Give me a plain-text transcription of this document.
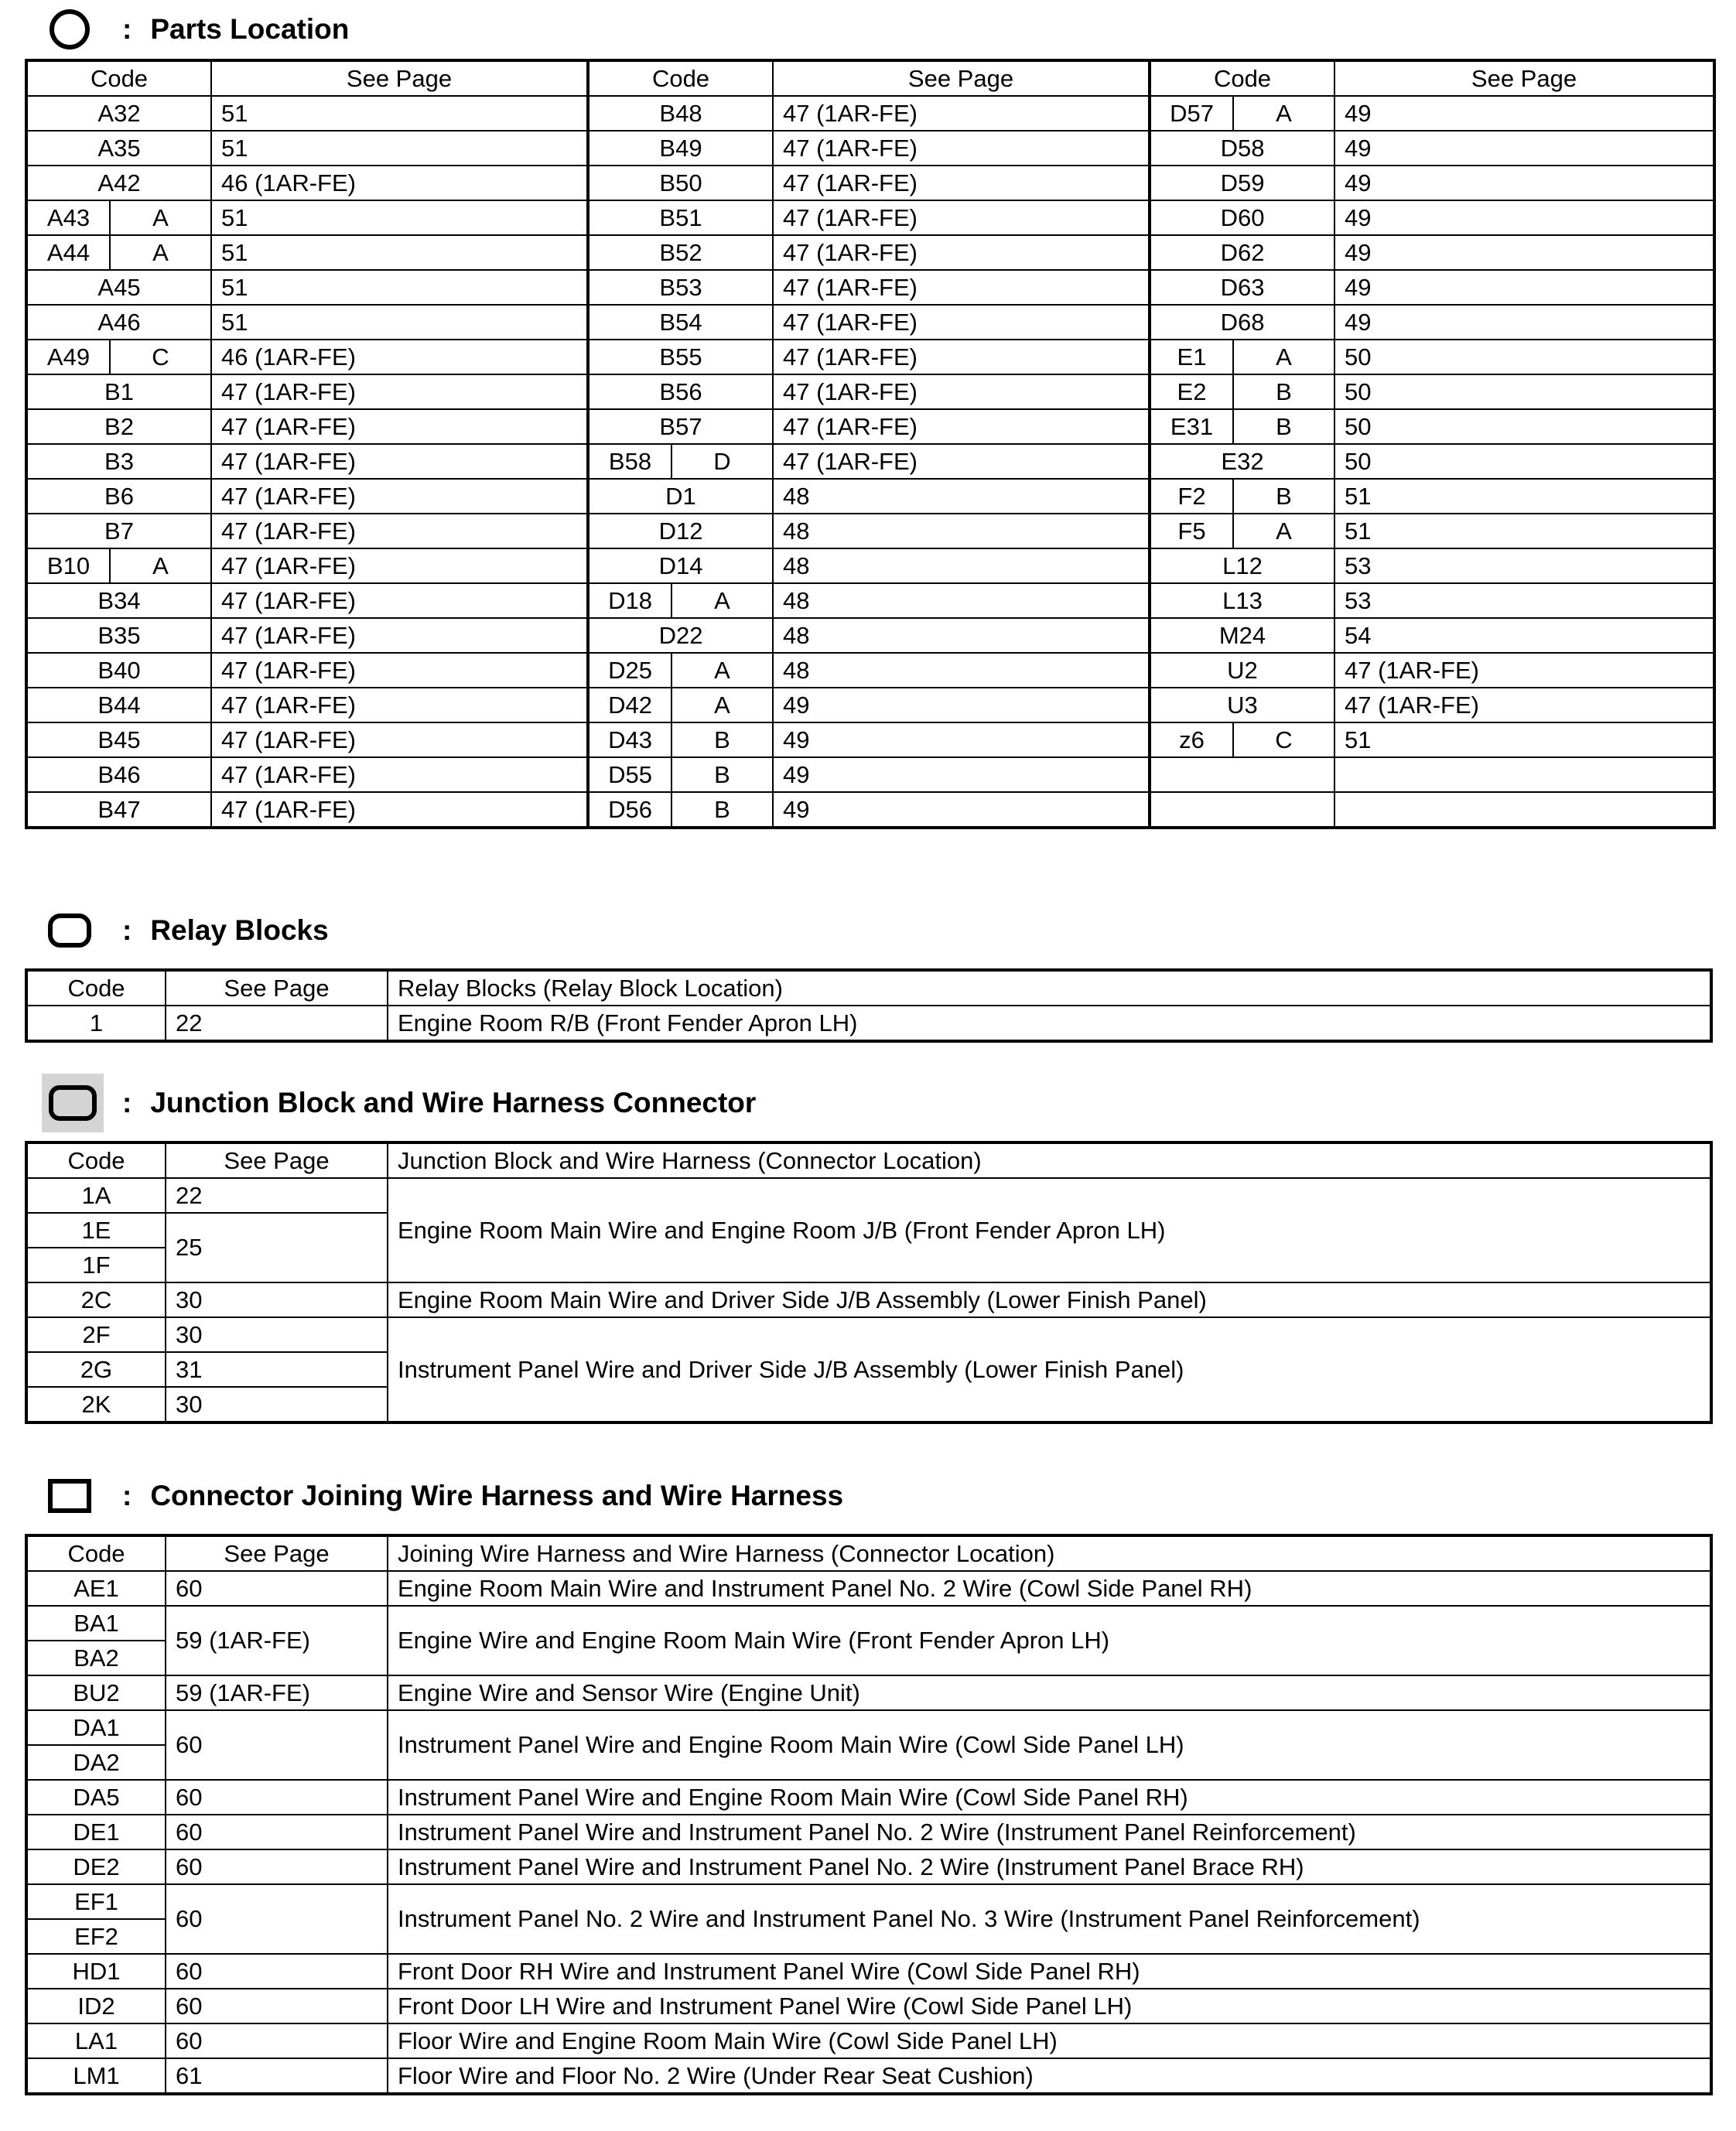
: Parts Location
Code	See Page	Code	See Page	Code	See Page
A32	51	B48	47 (1AR-FE)	D57 A	49
A35	51	B49	47 (1AR-FE)	D58	49
A42	46 (1AR-FE)	B50	47 (1AR-FE)	D59	49

A43 A	51	B51	47 (1AR-FE)	D60	49

A44 A	51	B52	47 (1AR-FE)	D62	49
A45	51	B53	47 (1AR-FE)	D63	49
A46	51	B54	47 (1AR-FE)	D68	49

A49 C	46 (1AR-FE)	B55	47 (1AR-FE)	E1 A	50
B1	47 (1AR-FE)	B56	47 (1AR-FE)	E2 B	50
B2	47 (1AR-FE)	B57	47 (1AR-FE)	E31 B	50
B3	47 (1AR-FE)	B58 D	47 (1AR-FE)	E32	50
B6	47 (1AR-FE)	D1	48	F2 B	51
B7	47 (1AR-FE)	D12	48	F5 A	51

B10 A	47 (1AR-FE)	D14	48	L12	53
B34	47 (1AR-FE)	D18 A	48	L13	53
B35	47 (1AR-FE)	D22	48	M24	54
B40	47 (1AR-FE)	D25 A	48	U2	47 (1AR-FE)
B44	47 (1AR-FE)	D42 A	49	U3	47 (1AR-FE)
B45	47 (1AR-FE)	D43 B	49	z6 C	51
B46	47 (1AR-FE)	D55 B	49		
B47	47 (1AR-FE)	D56 B	49		
: Relay Blocks
Code	See Page	Relay Blocks (Relay Block Location)
1	22	Engine Room R/B (Front Fender Apron LH)
: Junction Block and Wire Harness Connector
Code	See Page	Junction Block and Wire Harness (Connector Location)
1A	22	Engine Room Main Wire and Engine Room J/B (Front Fender Apron LH)
1E	25	
1F		
2C	30	Engine Room Main Wire and Driver Side J/B Assembly (Lower Finish Panel)
2F	30	Instrument Panel Wire and Driver Side J/B Assembly (Lower Finish Panel)
2G	31	
2K	30	
: Connector Joining Wire Harness and Wire Harness
Code	See Page	Joining Wire Harness and Wire Harness (Connector Location)
AE1	60	Engine Room Main Wire and Instrument Panel No. 2 Wire (Cowl Side Panel RH)
BA1	59 (1AR-FE)	Engine Wire and Engine Room Main Wire (Front Fender Apron LH)
BA2		
BU2	59 (1AR-FE)	Engine Wire and Sensor Wire (Engine Unit)
DA1	60	Instrument Panel Wire and Engine Room Main Wire (Cowl Side Panel LH)
DA2		
DA5	60	Instrument Panel Wire and Engine Room Main Wire (Cowl Side Panel RH)
DE1	60	Instrument Panel Wire and Instrument Panel No. 2 Wire (Instrument Panel Reinforcement)
DE2	60	Instrument Panel Wire and Instrument Panel No. 2 Wire (Instrument Panel Brace RH)
EF1	60	Instrument Panel No. 2 Wire and Instrument Panel No. 3 Wire (Instrument Panel Reinforcement)
EF2		
HD1	60	Front Door RH Wire and Instrument Panel Wire (Cowl Side Panel RH)
ID2	60	Front Door LH Wire and Instrument Panel Wire (Cowl Side Panel LH)
LA1	60	Floor Wire and Engine Room Main Wire (Cowl Side Panel LH)
LM1	61	Floor Wire and Floor No. 2 Wire (Under Rear Seat Cushion)
